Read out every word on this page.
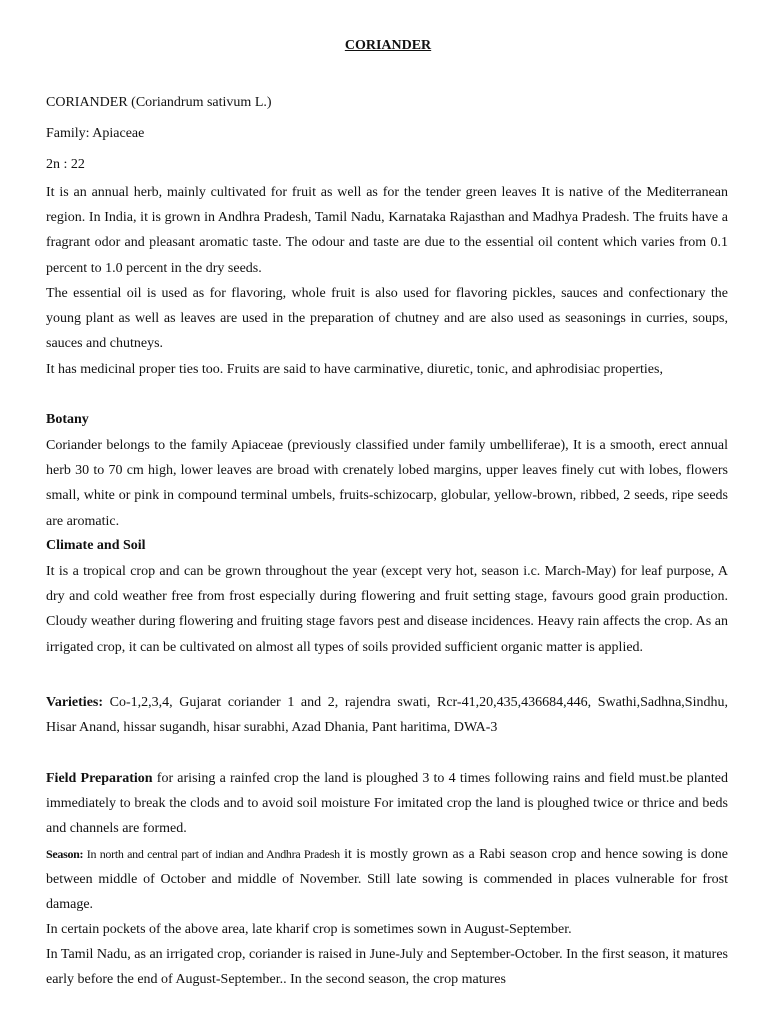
CORIANDER
CORIANDER (Coriandrum sativum L.)
Family: Apiaceae
2n : 22

It is an annual herb, mainly cultivated for fruit as well as for the tender green leaves It is native of the Mediterranean region. In India, it is grown in Andhra Pradesh, Tamil Nadu, Karnataka Rajasthan and Madhya Pradesh. The fruits have a fragrant odor and pleasant aromatic taste. The odour and taste are due to the essential oil content which varies from 0.1 percent to 1.0 percent in the dry seeds.

The essential oil is used as for flavoring, whole fruit is also used for flavoring pickles, sauces and confectionary the young plant as well as leaves are used in the preparation of chutney and are also used as seasonings in curries, soups, sauces and chutneys.

It has medicinal proper ties too. Fruits are said to have carminative, diuretic, tonic, and aphrodisiac properties,

Botany

Coriander belongs to the family Apiaceae (previously classified under family umbelliferae), It is a smooth, erect annual herb 30 to 70 cm high, lower leaves are broad with crenately lobed margins, upper leaves finely cut with lobes, flowers small, white or pink in compound terminal umbels, fruits-schizocarp, globular, yellow-brown, ribbed, 2 seeds, ripe seeds are aromatic.

Climate and Soil

It is a tropical crop and can be grown throughout the year (except very hot, season i.c. March-May) for leaf purpose, A dry and cold weather free from frost especially during flowering and fruit setting stage, favours good grain production. Cloudy weather during flowering and fruiting stage favors pest and disease incidences. Heavy rain affects the crop. As an irrigated crop, it can be cultivated on almost all types of soils provided sufficient organic matter is applied.

Varieties: Co-1,2,3,4, Gujarat coriander 1 and 2, rajendra swati, Rcr-41,20,435,436684,446, Swathi,Sadhna,Sindhu, Hisar Anand, hissar sugandh, hisar surabhi, Azad Dhania, Pant haritima, DWA-3

Field Preparation for arising a rainfed crop the land is ploughed 3 to 4 times following rains and field must.be planted immediately to break the clods and to avoid soil moisture For imitated crop the land is ploughed twice or thrice and beds and channels are formed.

Season: In north and central part of indian and Andhra Pradesh it is mostly grown as a Rabi season crop and hence sowing is done between middle of October and middle of November. Still late sowing is commended in places vulnerable for frost damage.

In certain pockets of the above area, late kharif crop is sometimes sown in August-September.

In Tamil Nadu, as an irrigated crop, coriander is raised in June-July and September-October. In the first season, it matures early before the end of August-September.. In the second season, the crop matures
